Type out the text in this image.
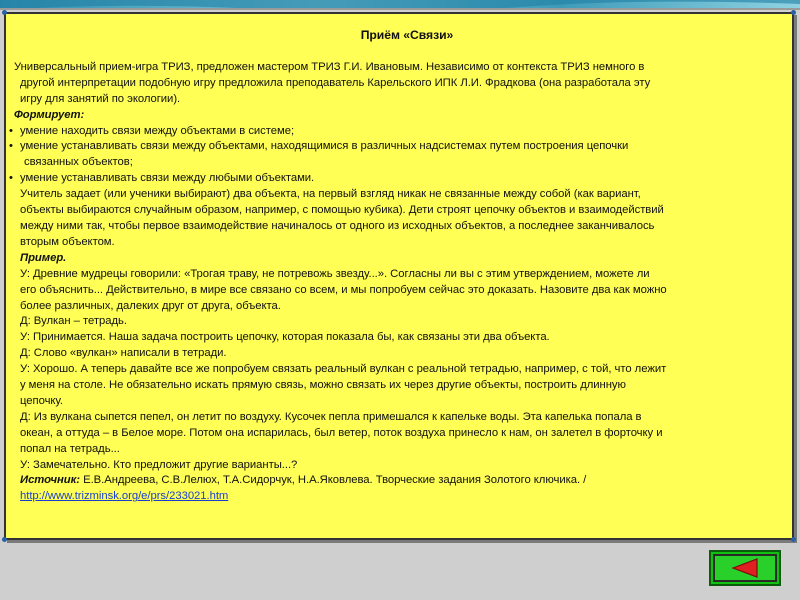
Приём «Связи»
Универсальный прием-игра ТРИЗ, предложен мастером ТРИЗ Г.И. Ивановым. Независимо от контекста ТРИЗ немного в
другой интерпретации подобную игру предложила преподаватель Карельского ИПК Л.И. Фрадкова (она разработала эту
игру для занятий по экологии).
Формирует:
• умение находить связи между объектами в системе;
• умение устанавливать связи между объектами, находящимися в различных надсистемах путем построения цепочки
связанных объектов;
• умение устанавливать связи между любыми объектами.
Учитель задает (или ученики выбирают) два объекта, на первый взгляд никак не связанные между собой (как вариант,
объекты выбираются случайным образом, например, с помощью кубика). Дети строят цепочку объектов и взаимодействий
между ними так, чтобы первое взаимодействие начиналось от одного из исходных объектов, а последнее заканчивалось
вторым объектом.
Пример.
У: Древние мудрецы говорили: «Трогая траву, не потревожь звезду...». Согласны ли вы с этим утверждением, можете ли
его объяснить... Действительно, в мире все связано со всем, и мы попробуем сейчас это доказать. Назовите два как можно
более различных, далеких друг от друга, объекта.
Д: Вулкан – тетрадь.
У: Принимается. Наша задача построить цепочку, которая показала бы, как связаны эти два объекта.
Д: Слово «вулкан» написали в тетради.
У: Хорошо. А теперь давайте все же попробуем связать реальный вулкан с реальной тетрадью, например, с той, что лежит
у меня на столе. Не обязательно искать прямую связь, можно связать их через другие объекты, построить длинную
цепочку.
Д: Из вулкана сыпется пепел, он летит по воздуху. Кусочек пепла примешался к капельке воды. Эта капелька попала в
океан, а оттуда – в Белое море. Потом она испарилась, был ветер, поток воздуха принесло к нам, он залетел в форточку и
попал на тетрадь...
У: Замечательно. Кто предложит другие варианты...?
Источник: Е.В.Андреева, С.В.Лелюх, Т.А.Сидорчук, Н.А.Яковлева. Творческие задания Золотого ключика. /
http://www.trizminsk.org/e/prs/233021.htm
